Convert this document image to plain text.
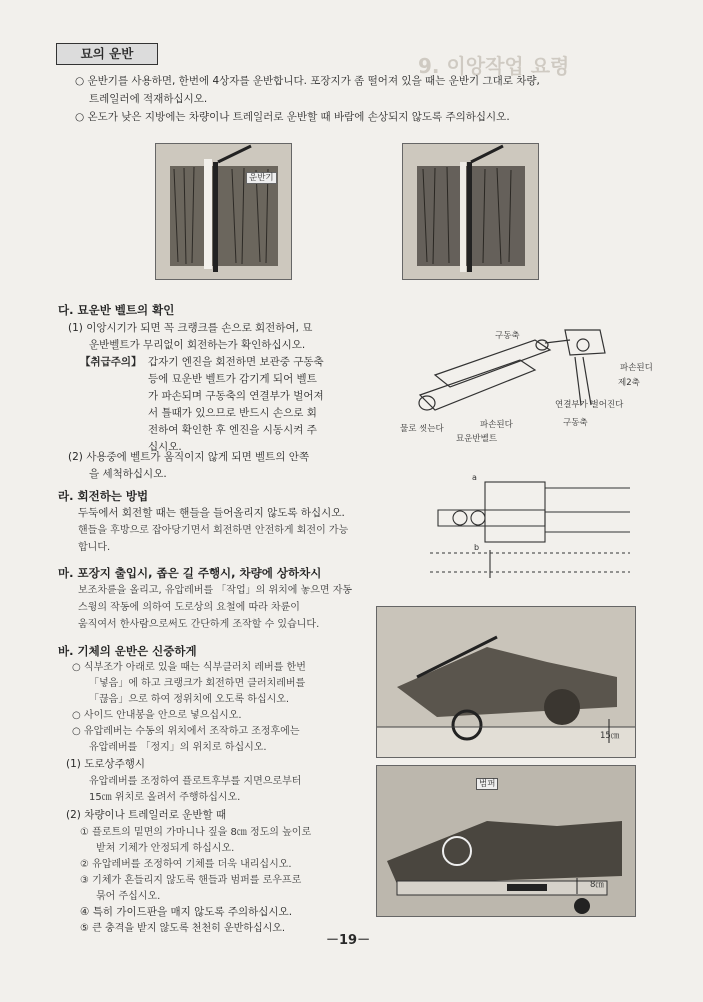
9. 이앙작업 요령
묘의 운반
○ 운반기를 사용하면, 한번에 4상자를 운반합니다. 포장지가 좀 떨어져 있을 때는 운반기 그대로 차량,
트레일러에 적재하십시오.
○ 온도가 낮은 지방에는 차량이나 트레일러로 운반할 때 바람에 손상되지 않도록 주의하십시오.
운반기
다. 묘운반 벨트의 확인
(1) 이앙시기가 되면 꼭 크랭크를 손으로 회전하여, 묘
운반벨트가 무리없이 회전하는가 확인하십시오.
【취급주의】 갑자기 엔진을 회전하면 보관중 구동축
등에 묘운반 벨트가 감기게 되어 벨트
가 파손되며 구동축의 연결부가 벌어져
서 틀때가 있으므로 반드시 손으로 회
전하여 확인한 후 엔진을 시동시켜 주
십시오.
(2) 사용중에 벨트가 움직이지 않게 되면 벨트의 안쪽
을 세척하십시오.
구동축
파손된디
제2축
연결부가 벌어진다
구동축
물로 씻는다	파손된다
묘운반벨트
라. 회전하는 방법
두둑에서 회전할 때는 핸들을 들어올리지 않도록 하십시오.
핸들을 후방으로 잡아당기면서 회전하면 안전하게 회전이 가능
합니다.
a
b
마. 포장지 출입시, 좁은 길 주행시, 차량에 상하차시
보조차륜을 올리고, 유압레버를 「작업」의 위치에 놓으면 자동
스윙의 작동에 의하여 도로상의 요철에 따라 차륜이
움직여서 한사람으로써도 간단하게 조작할 수 있습니다.
바. 기체의 운반은 신중하게
○ 식부조가 아래로 있을 때는 식부클러치 레버를 한번
「넣음」에 하고 크랭크가 회전하면 클러치레버를
「끊음」으로 하여 정위치에 오도록 하십시오.
○ 사이드 안내봉을 안으로 넣으십시오.
○ 유압레버는 수동의 위치에서 조작하고 조정후에는
유압레버를 「정지」의 위치로 하십시오.
(1) 도로상주행시
유압레버를 조정하여 플로트후부를 지면으로부터
15㎝ 위치로 올려서 주행하십시오.
(2) 차량이나 트레일러로 운반할 때
① 플로트의 밑면의 가마니나 짚을 8㎝ 정도의 높이로
받쳐 기체가 안정되게 하십시오.
② 유압레버를 조정하여 기체를 더욱 내리십시오.
③ 기체가 흔들리지 않도록 핸들과 범퍼를 로우프로
묶어 주십시오.
④ 특히 가이드판을 매지 않도록 주의하십시오.
⑤ 큰 충격을 받지 않도록 천천히 운반하십시오.
15㎝
범퍼
8㎝
－19－
